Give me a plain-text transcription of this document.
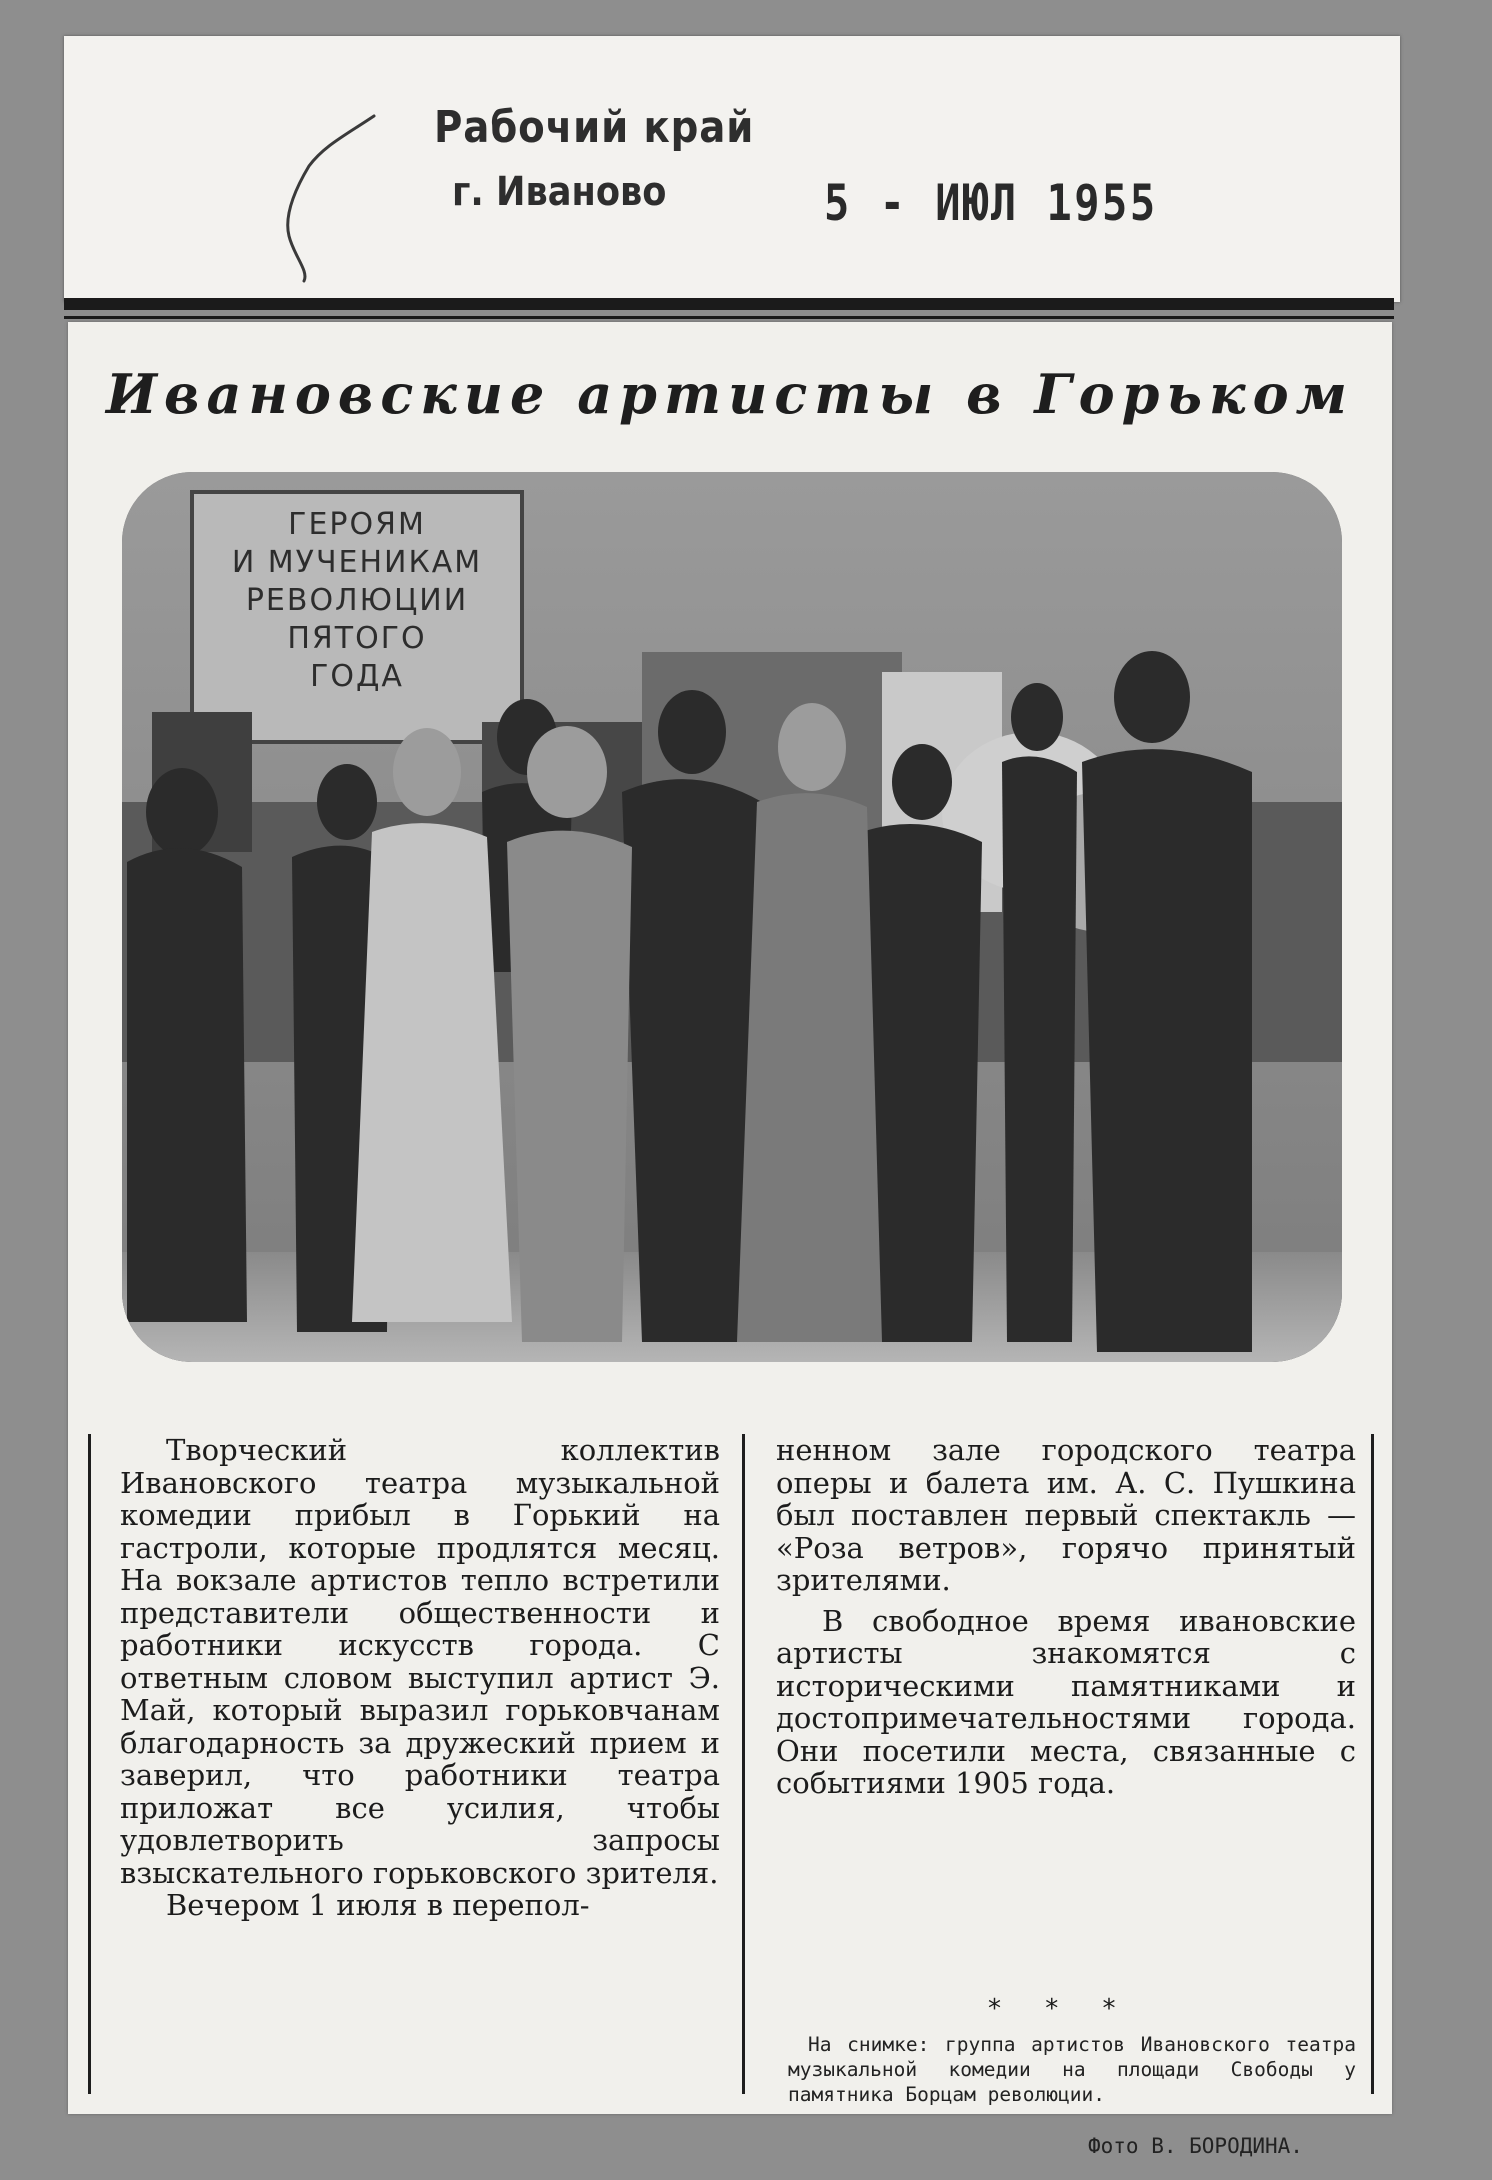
Рабочий край
г. Иваново	5 - ИЮЛ 1955
Ивановские артисты в Горьком
ГЕРОЯМ
И МУЧЕНИКАМ
РЕВОЛЮЦИИ
ПЯТОГО
ГОДА

Творческий коллектив Ивановского театра музыкальной комедии прибыл в Горький на гастроли, которые продлятся месяц. На вокзале артистов тепло встретили представители общественности и работники искусств города. С ответным словом выступил артист Э. Май, который выразил горьковчанам благодарность за дружеский прием и заверил, что работники театра приложат все усилия, чтобы удовлетворить запросы взыскательного горьковского зрителя.

Вечером 1 июля в перепол-

ненном зале городского театра оперы и балета им. А. С. Пушкина был поставлен первый спектакль — «Роза ветров», горячо принятый зрителями.

В свободное время ивановские артисты знакомятся с историческими памятниками и достопримечательностями города. Они посетили места, связанные с событиями 1905 года.

* * *

На снимке: группа артистов Ивановского театра музыкальной комедии на площади Свободы у памятника Борцам революции.

Фото В. БОРОДИНА.
